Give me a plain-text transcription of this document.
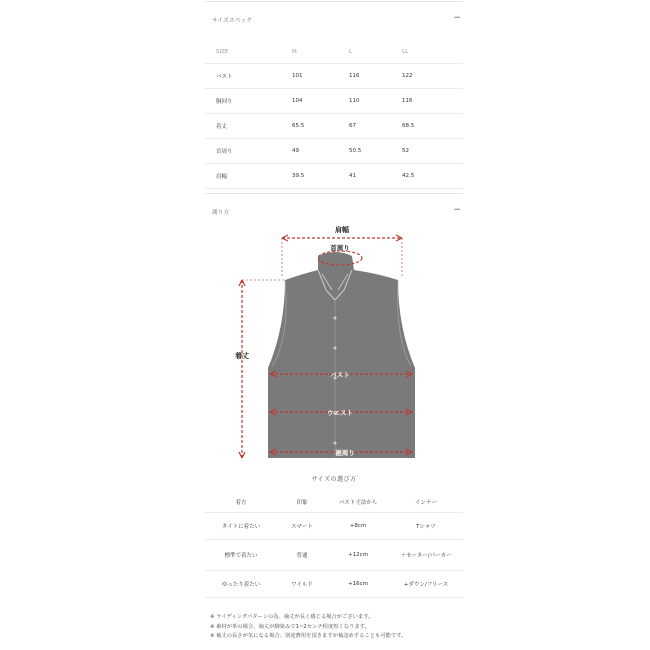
サイズスペック	−
SIZE	M	L	LL
バスト	101	116	122
胴回り	104	110	116
着丈	65.5	67	68.5
首周り	49	50.5	52
肩幅	39.5	41	42.5
測り方	−
肩幅
首周り
着丈
バスト
ウエスト
裾周り
サイズの選び方
着方	印象	バスト寸法から	インナー
タイトに着たい	スマート	+8cm	Tシャツ
標準で着たい	普通	+12cm	＋セーター/パーカー
ゆったり着たい	ワイルド	+16cm	+ダウン/フリース
※ ライディングパターンの為、袖丈が長く感じる場合がございます。
※ 素材が革の場合、袖丈が馴染みで1~2センチ程度短くなります。
※ 袖丈の長さが気になる場合、別途費用を頂きますが袖詰めすることも可能です。
